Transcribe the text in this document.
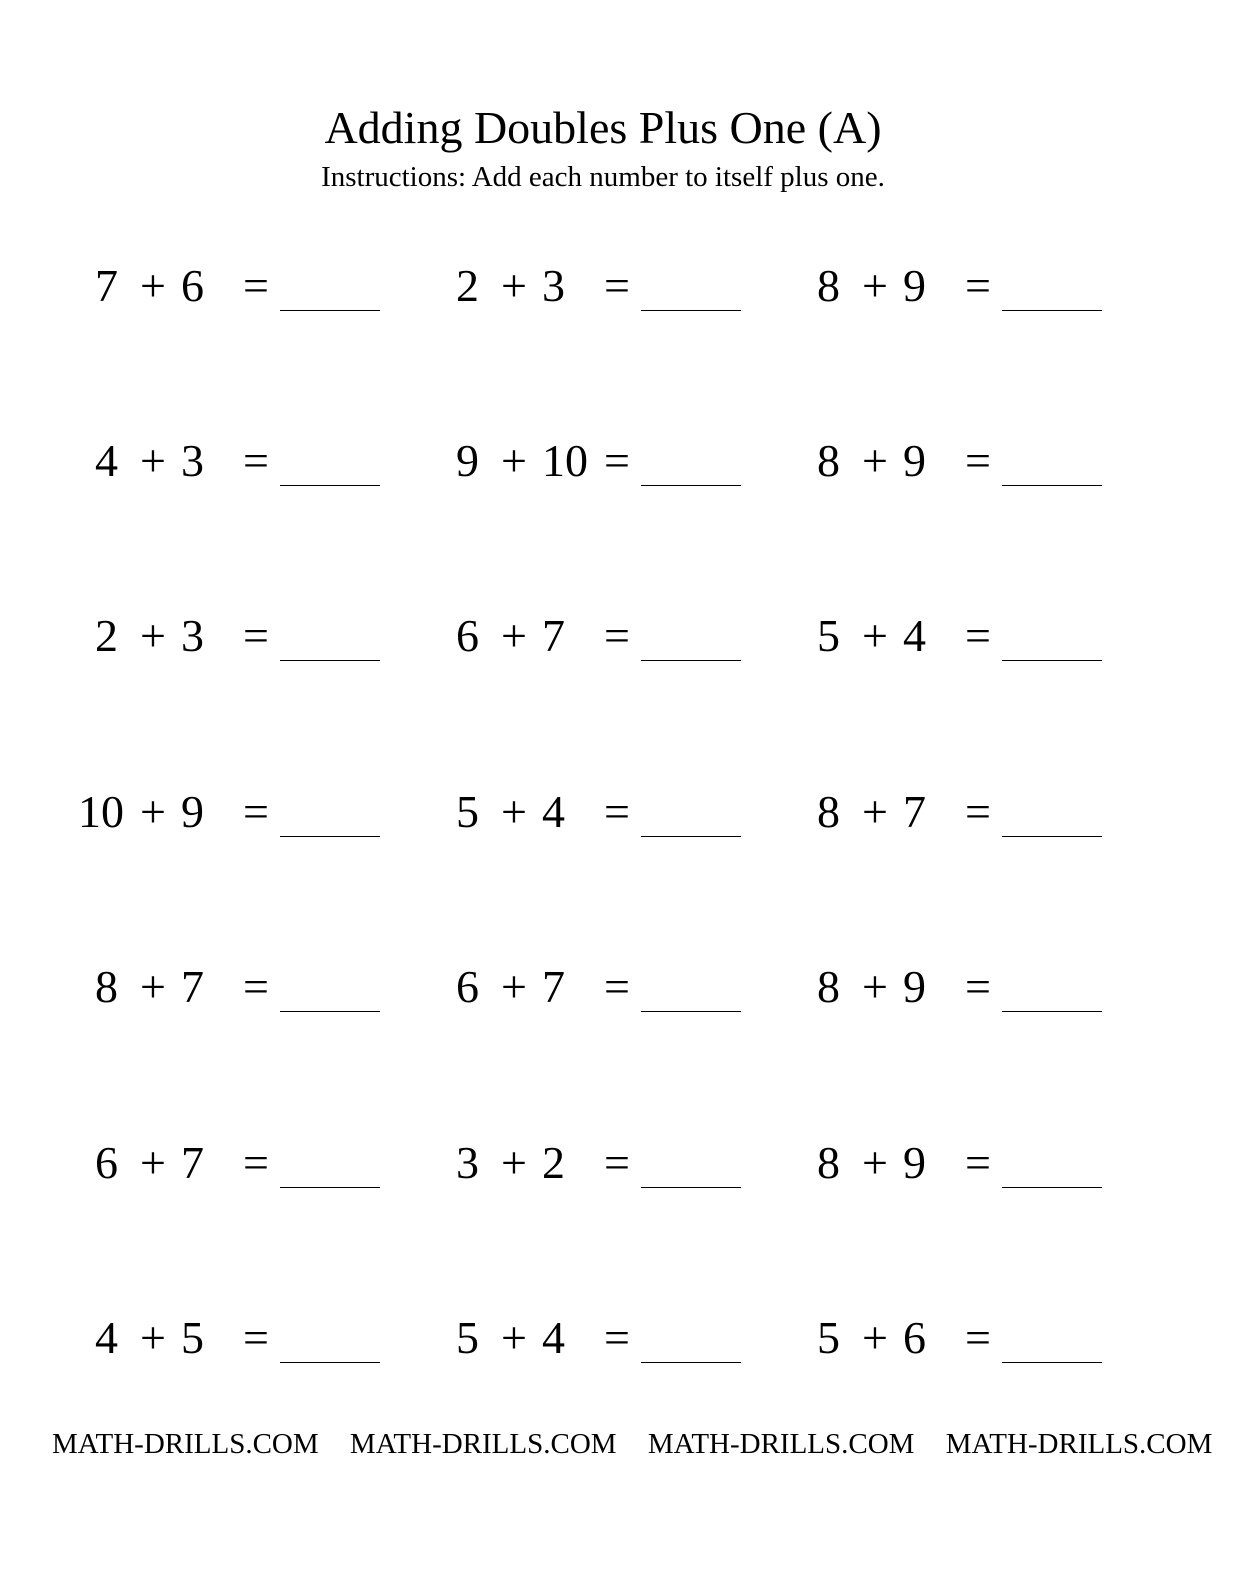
Adding Doubles Plus One (A)

Instructions: Add each number to itself plus one.

7 + 6 =	2 + 3 =	8 + 9 =
4 + 3 =	9 + 10 =	8 + 9 =
2 + 3 =	6 + 7 =	5 + 4 =
10 + 9 =	5 + 4 =	8 + 7 =
8 + 7 =	6 + 7 =	8 + 9 =
6 + 7 =	3 + 2 =	8 + 9 =
4 + 5 =	5 + 4 =	5 + 6 =
MATH-DRILLS.COM MATH-DRILLS.COM MATH-DRILLS.COM MATH-DRILLS.COM
